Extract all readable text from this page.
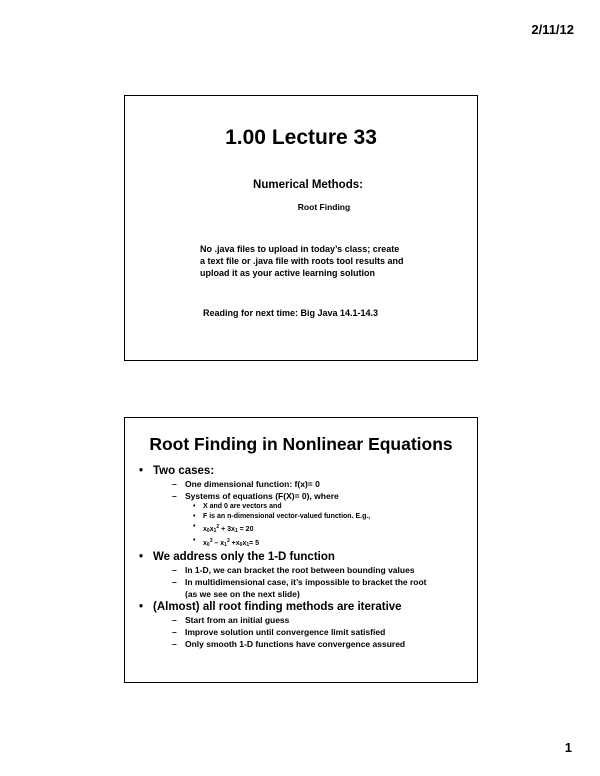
2/11/12
1.00 Lecture 33
Numerical Methods:
Root Finding
No .java files to upload in today’s class; create
a text file or .java file with roots tool results and
upload it as your active learning solution
Reading for next time: Big Java 14.1-14.3
Root Finding in Nonlinear Equations
• Two cases:
– One dimensional function: f(x)= 0
– Systems of equations (F(X)= 0), where
• X and 0 are vectors and
• F is an n-dimensional vector-valued function. E.g.,
• $x_0x_1^2 + 3x_1 = 20$
• $x_0^3 - x_1^2 +x_0x_1= 5$
• We address only the 1-D function
– In 1-D, we can bracket the root between bounding values
– In multidimensional case, it’s impossible to bracket the root
(as we see on the next slide)
• (Almost) all root finding methods are iterative
– Start from an initial guess
– Improve solution until convergence limit satisfied
– Only smooth 1-D functions have convergence assured
1
